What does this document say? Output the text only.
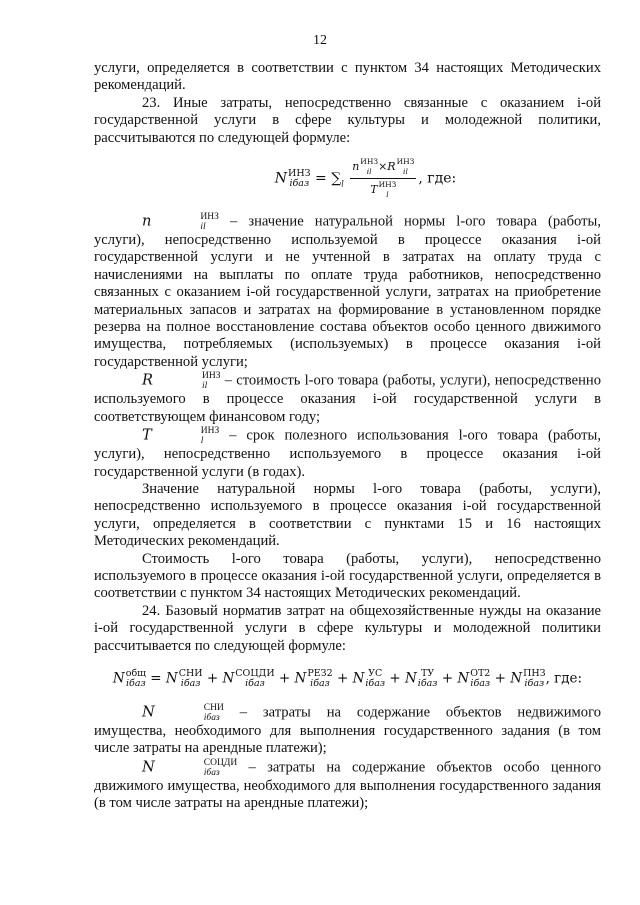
12

услуги, определяется в соответствии с пунктом 34 настоящих Методических рекомендаций.

23. Иные затраты, непосредственно связанные с оказанием i-ой государственной услуги в сфере культуры и молодежной политики, рассчитываются по следующей формуле:

N ИНЗ
iбаз = $\sum_l$ n ИНЗ
il ×R ИНЗ
il
T ИНЗ
l , где:

n	ИНЗ
il – значение натуральной нормы l-ого товара (работы, услуги), непосредственно используемой в процессе оказания i-ой государственной услуги и не учтенной в затратах на оплату труда с начислениями на выплаты по оплате труда работников, непосредственно связанных с оказанием i-ой государственной услуги, затратах на приобретение материальных запасов и затратах на формирование в установленном порядке резерва на полное восстановление состава объектов особо ценного движимого имущества, потребляемых (используемых) в процессе оказания i-ой государственной услуги;

R	ИНЗ
il – стоимость l-ого товара (работы, услуги), непосредственно используемого в процессе оказания i-ой государственной услуги в соответствующем финансовом году;

T	ИНЗ
l	– срок полезного использования l-ого товара (работы, услуги), непосредственно используемого в процессе оказания i-ой государственной услуги (в годах).

Значение натуральной нормы l-ого товара (работы, услуги), непосредственно используемого в процессе оказания i-ой государственной услуги, определяется в соответствии с пунктами 15 и 16 настоящих Методических рекомендаций.

Стоимость l-ого товара (работы, услуги), непосредственно используемого в процессе оказания i-ой государственной услуги, определяется в соответствии с пунктом 34 настоящих Методических рекомендаций.

24. Базовый норматив затрат на общехозяйственные нужды на оказание i-ой государственной услуги в сфере культуры и молодежной политики рассчитывается по следующей формуле:

N общ
iбаз = N СНИ
iбаз + N СОЦДИ
iбаз + N РЕЗ2
iбаз + N УС
iбаз + N ТУ
iбаз + N ОТ2
iбаз + N ПНЗ
iбаз , где:

N	СНИ
iбаз – затраты на содержание объектов недвижимого имущества, необходимого для выполнения государственного задания (в том числе затраты на арендные платежи);

N	СОЦДИ
iбаз	– затраты на содержание объектов особо ценного движимого имущества, необходимого для выполнения государственного задания (в том числе затраты на арендные платежи);
